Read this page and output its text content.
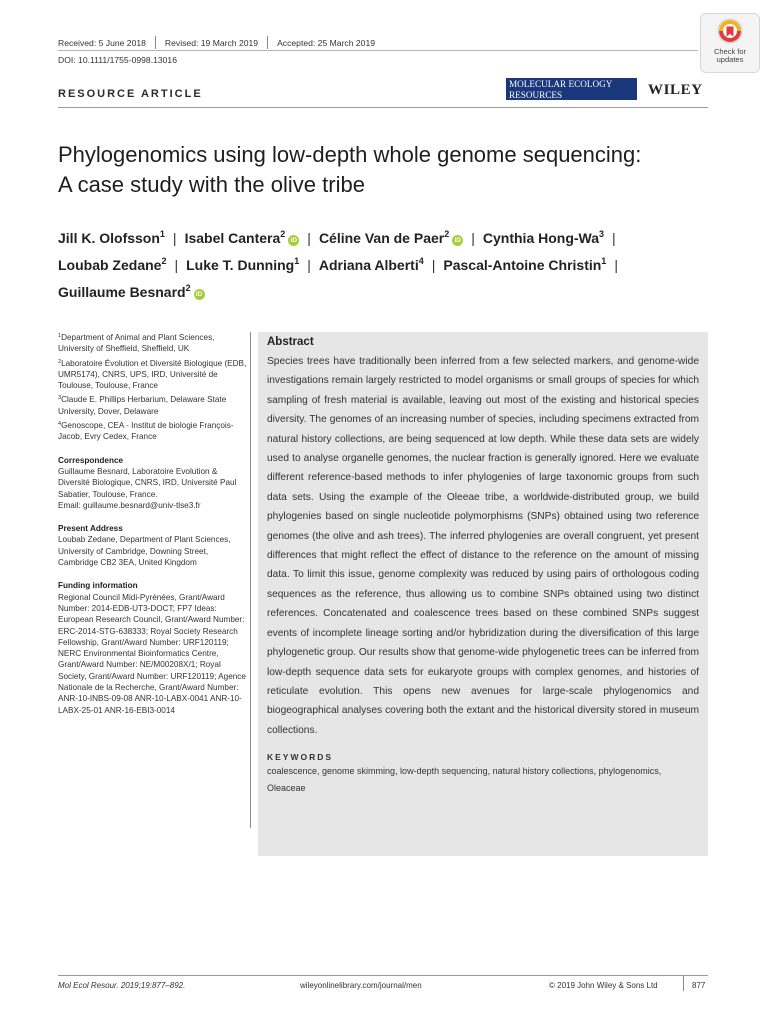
Received: 5 June 2018 Revised: 19 March 2019 Accepted: 25 March 2019
DOI: 10.1111/1755-0998.13016
RESOURCE ARTICLE
Check for
updates
MOLECULAR ECOLOGY
RESOURCES	WILEY
Phylogenomics using low-depth whole genome sequencing:
A case study with the olive tribe
Jill K. Olofsson$^1$ | Isabel Cantera$^2$iD | Céline Van de Paer$^2$iD | Cynthia Hong-Wa$^3$ |
Loubab Zedane$^2$ | Luke T. Dunning$^1$ | Adriana Alberti$^4$ | Pascal-Antoine Christin$^1$ |
Guillaume Besnard$^2$iD
$^1$Department of Animal and Plant Sciences, University of Sheffield, Sheffield, UK
$^2$Laboratoire Évolution et Diversité Biologique (EDB, UMR5174), CNRS, UPS, IRD, Université de Toulouse, Toulouse, France
$^3$Claude E. Phillips Herbarium, Delaware State University, Dover, Delaware
$^4$Genoscope, CEA - Institut de biologie François-Jacob, Evry Cedex, France
Correspondence
Guillaume Besnard, Laboratoire Evolution & Diversité Biologique, CNRS, IRD, Université Paul Sabatier, Toulouse, France.
Email: guillaume.besnard@univ-tlse3.fr
Present Address
Loubab Zedane, Department of Plant Sciences, University of Cambridge, Downing Street, Cambridge CB2 3EA, United Kingdom
Funding information
Regional Council Midi-Pyrénées, Grant/Award Number: 2014-EDB-UT3-DOCT; FP7 Ideas: European Research Council, Grant/Award Number: ERC-2014-STG-638333; Royal Society Research Fellowship, Grant/Award Number: URF120119; NERC Environmental Bioinformatics Centre, Grant/Award Number: NE/M00208X/1; Royal Society, Grant/Award Number: URF120119; Agence Nationale de la Recherche, Grant/Award Number: ANR-10-INBS-09-08 ANR-10-LABX-0041 ANR-10-LABX-25-01 ANR-16-EBI3-0014
Abstract
Species trees have traditionally been inferred from a few selected markers, and genome-wide investigations remain largely restricted to model organisms or small groups of species for which sampling of fresh material is available, leaving out most of the existing and historical species diversity. The genomes of an increasing number of species, including specimens extracted from natural history collections, are being sequenced at low depth. While these data sets are widely used to analyse organelle genomes, the nuclear fraction is generally ignored. Here we evaluate different reference-based methods to infer phylogenies of large taxonomic groups from such data sets. Using the example of the Oleeae tribe, a worldwide-distributed group, we build phylogenies based on single nucleotide polymorphisms (SNPs) obtained using two reference genomes (the olive and ash trees). The inferred phylogenies are overall congruent, yet present differences that might reflect the effect of distance to the reference on the amount of missing data. To limit this issue, genome complexity was reduced by using pairs of orthologous coding sequences as the reference, thus allowing us to combine SNPs obtained using two distinct references. Concatenated and coalescence trees based on these combined SNPs suggest events of incomplete lineage sorting and/or hybridization during the diversification of this large phylogenetic group. Our results show that genome-wide phylogenetic trees can be inferred from low-depth sequence data sets for eukaryote groups with complex genomes, and histories of reticulate evolution. This opens new avenues for large-scale phylogenomics and biogeographical analyses covering both the extant and the historical diversity stored in museum collections.
KEYWORDS
coalescence, genome skimming, low-depth sequencing, natural history collections, phylogenomics, Oleaceae
Mol Ecol Resour. 2019;19:877–892.	wileyonlinelibrary.com/journal/men	© 2019 John Wiley & Sons Ltd	877
